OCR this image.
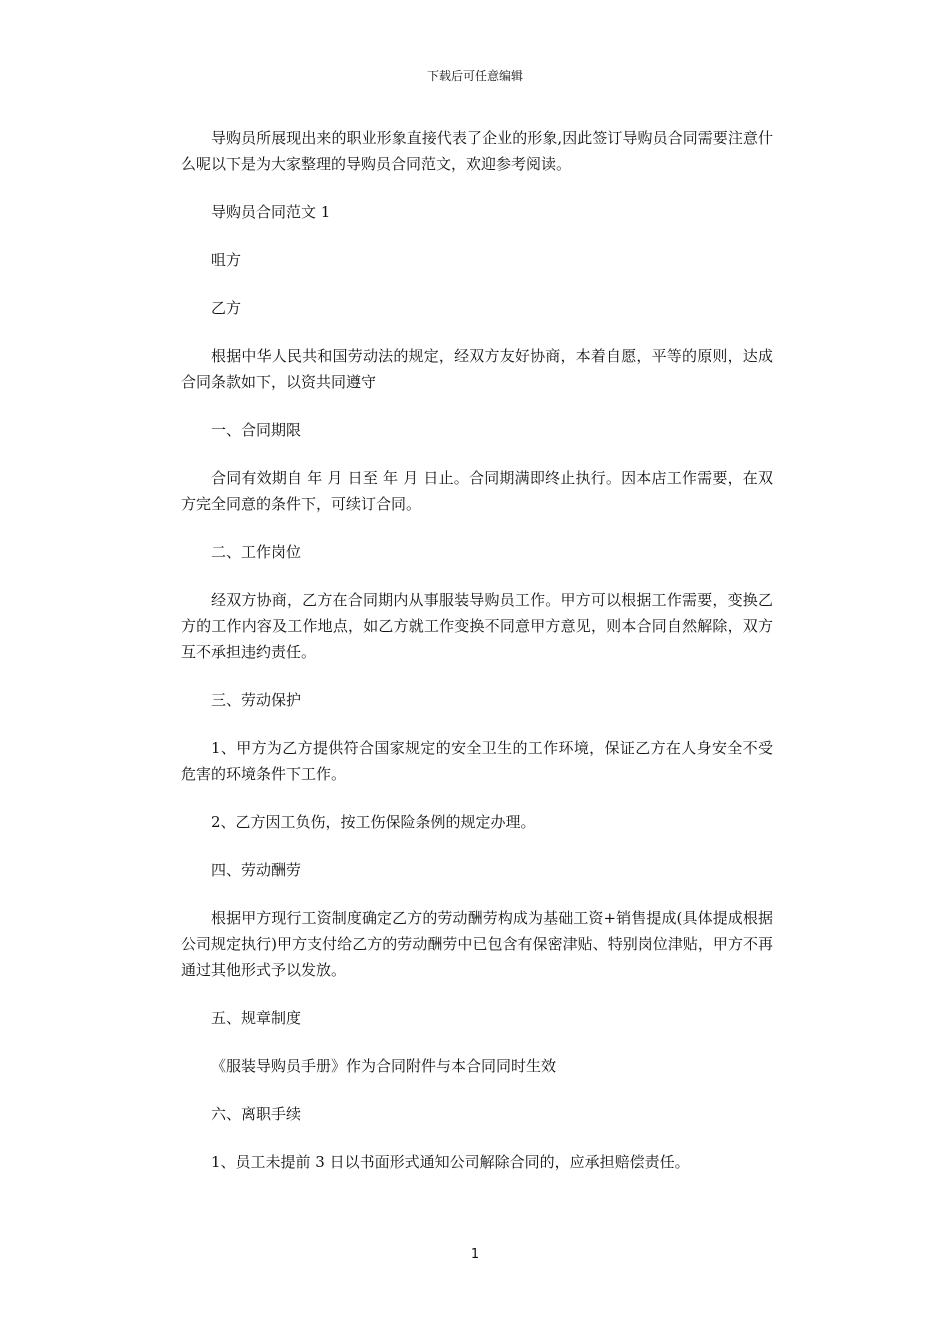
下载后可任意编辑

导购员所展现出来的职业形象直接代表了企业的形象,因此签订导购员合同需要注意什么呢以下是为大家整理的导购员合同范文，欢迎参考阅读。

导购员合同范文 1

咀方

乙方

根据中华人民共和国劳动法的规定，经双方友好协商，本着自愿，平等的原则，达成合同条款如下，以资共同遵守

一、合同期限

合同有效期自 年 月 日至 年 月 日止。合同期满即终止执行。因本店工作需要，在双方完全同意的条件下，可续订合同。

二、工作岗位

经双方协商，乙方在合同期内从事服装导购员工作。甲方可以根据工作需要，变换乙方的工作内容及工作地点，如乙方就工作变换不同意甲方意见，则本合同自然解除，双方互不承担违约责任。

三、劳动保护

1、甲方为乙方提供符合国家规定的安全卫生的工作环境，保证乙方在人身安全不受危害的环境条件下工作。

2、乙方因工负伤，按工伤保险条例的规定办理。

四、劳动酬劳

根据甲方现行工资制度确定乙方的劳动酬劳构成为基础工资+销售提成(具体提成根据公司规定执行)甲方支付给乙方的劳动酬劳中已包含有保密津贴、特别岗位津贴，甲方不再通过其他形式予以发放。

五、规章制度

《服装导购员手册》作为合同附件与本合同同时生效

六、离职手续

1、员工未提前 3 日以书面形式通知公司解除合同的，应承担赔偿责任。

1
